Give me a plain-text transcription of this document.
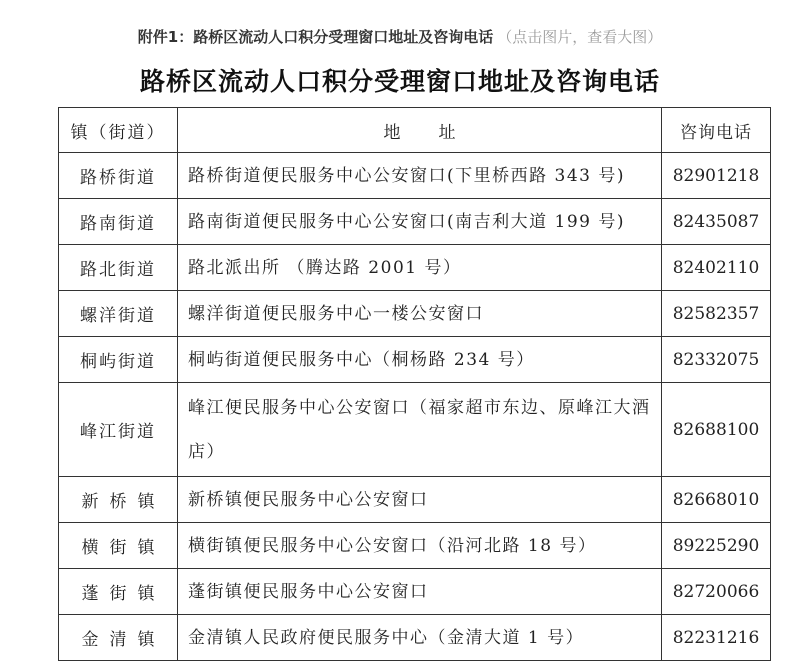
附件1：路桥区流动人口积分受理窗口地址及咨询电话 （点击图片，查看大图）
路桥区流动人口积分受理窗口地址及咨询电话
镇（街道）	地址	咨询电话
路桥街道	路桥街道便民服务中心公安窗口(下里桥西路 343 号)	82901218
路南街道	路南街道便民服务中心公安窗口(南吉利大道 199 号)	82435087
路北街道	路北派出所 （腾达路 2001 号）	82402110
螺洋街道	螺洋街道便民服务中心一楼公安窗口	82582357
桐屿街道	桐屿街道便民服务中心（桐杨路 234 号）	82332075
峰江街道	峰江便民服务中心公安窗口（福家超市东边、原峰江大酒店）	82688100
新桥镇	新桥镇便民服务中心公安窗口	82668010
横街镇	横街镇便民服务中心公安窗口（沿河北路 18 号）	89225290
蓬街镇	蓬街镇便民服务中心公安窗口	82720066
金清镇	金清镇人民政府便民服务中心（金清大道 1 号）	82231216
